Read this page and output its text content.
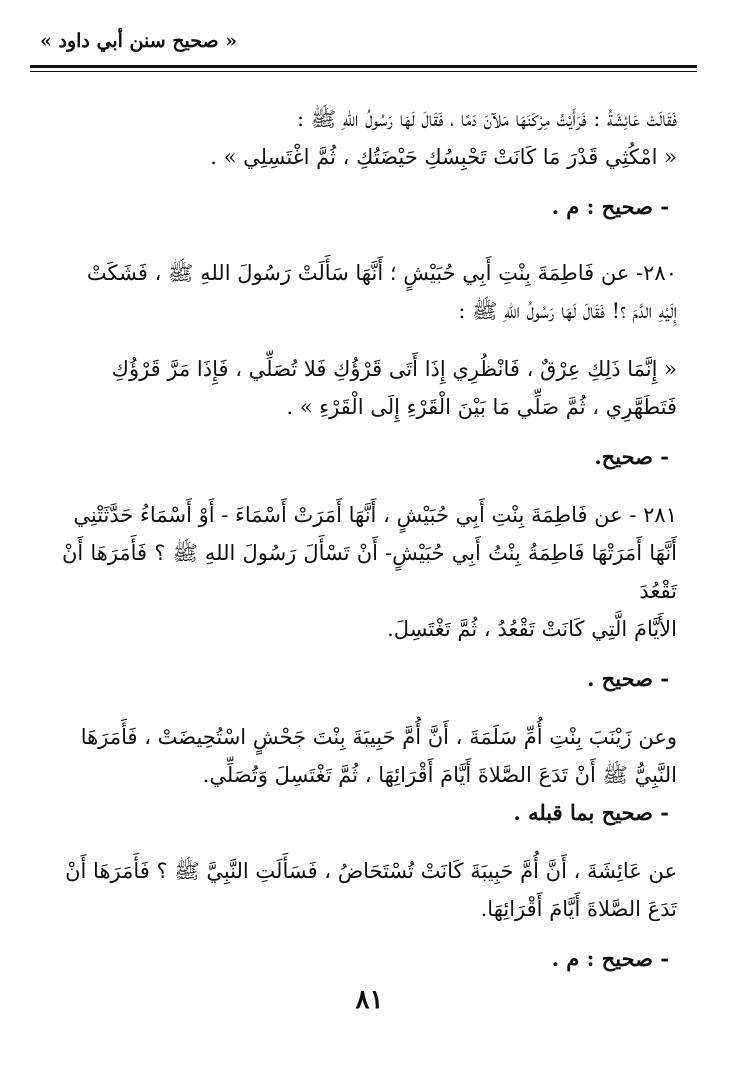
« صحيح سنن أبي داود »

فَقَالَتْ عَائِشَةُ : فَرَأَيْتُ مِرْكَنَهَا مَلآنَ دَمًا ، فَقَالَ لَهَا رَسُولُ اللهِ ﷺ :
« امْكُثِي قَدْرَ مَا كَانَتْ تَحْبِسُكِ حَيْضَتُكِ ، ثُمَّ اغْتَسِلِي » .

- صحيح : م .

٢٨٠- عن فَاطِمَةَ بِنْتِ أَبِي حُبَيْشٍ ؛ أَنَّهَا سَأَلَتْ رَسُولَ اللهِ ﷺ ، فَشَكَتْ
إِلَيْهِ الدَّمَ ؟! فَقَالَ لَهَا رَسُولُ اللهِ ﷺ :

« إِنَّمَا ذَلِكِ عِرْقٌ ، فَانْظُرِي إِذَا أَتَى قَرْؤُكِ فَلا تُصَلِّي ، فَإِذَا مَرَّ قَرْؤُكِ
فَتَطَهَّرِي ، ثُمَّ صَلِّي مَا بَيْنَ الْقَرْءِ إِلَى الْقَرْءِ » .

- صحيح.

٢٨١ - عن فَاطِمَةَ بِنْتِ أَبِي حُبَيْشٍ ، أَنَّهَا أَمَرَتْ أَسْمَاءَ - أَوْ أَسْمَاءُ حَدَّثَتْنِي
أَنَّهَا أَمَرَتْهَا فَاطِمَةُ بِنْتُ أَبِي حُبَيْشٍ- أَنْ تَسْأَلَ رَسُولَ اللهِ ﷺ ؟ فَأَمَرَهَا أَنْ تَقْعُدَ
الأَيَّامَ الَّتِي كَانَتْ تَقْعُدُ ، ثُمَّ تَغْتَسِلَ.

- صحيح .

وعن زَيْنَبَ بِنْتِ أُمِّ سَلَمَةَ ، أَنَّ أُمَّ حَبِيبَةَ بِنْتَ جَحْشٍ اسْتُحِيضَتْ ، فَأَمَرَهَا
النَّبِيُّ ﷺ أَنْ تَدَعَ الصَّلاةَ أَيَّامَ أَقْرَائِهَا ، ثُمَّ تَغْتَسِلَ وَتُصَلِّي.

- صحيح بما قبله .

عن عَائِشَةَ ، أَنَّ أُمَّ حَبِيبَةَ كَانَتْ تُسْتَحَاضُ ، فَسَأَلَتِ النَّبِيَّ ﷺ ؟ فَأَمَرَهَا أَنْ
تَدَعَ الصَّلاةَ أَيَّامَ أَقْرَائِهَا.

- صحيح : م .

٨١
